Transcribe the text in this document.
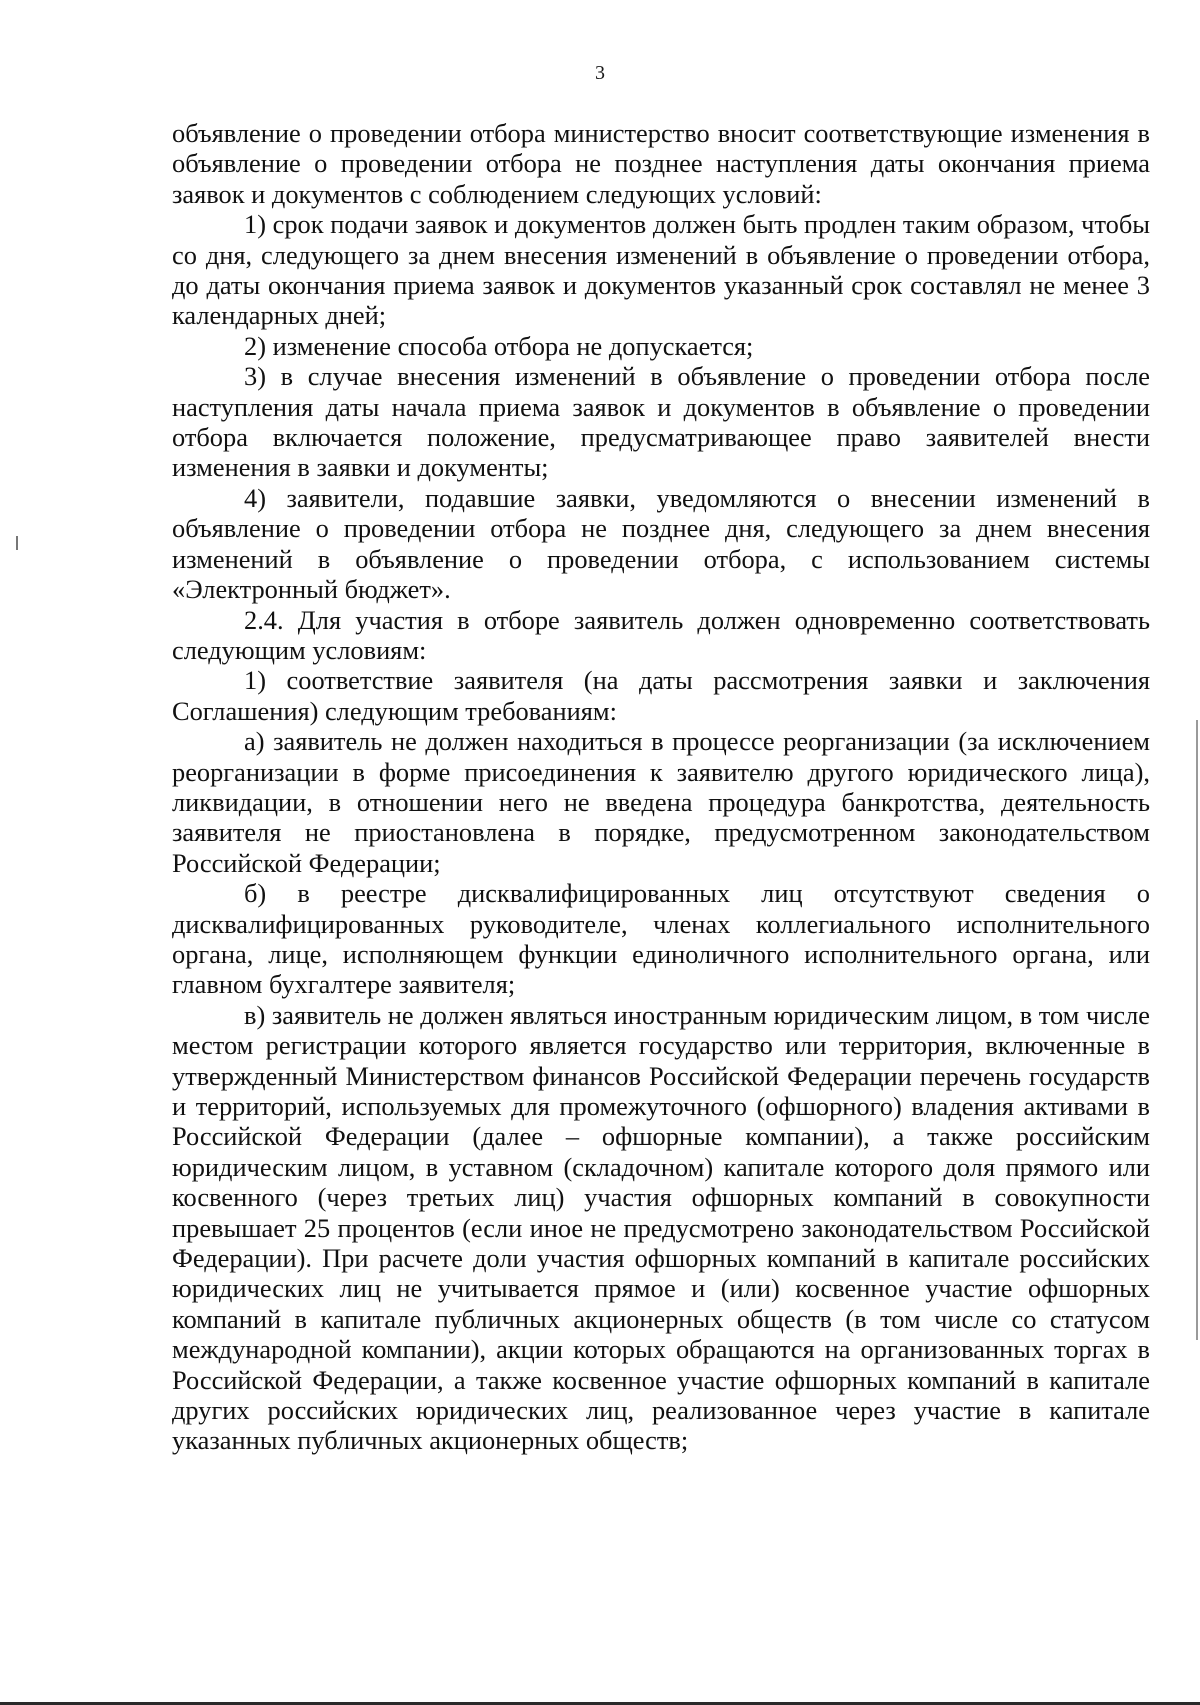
3

объявление о проведении отбора министерство вносит соответствующие изменения в объявление о проведении отбора не позднее наступления даты окончания приема заявок и документов с соблюдением следующих условий:

1) срок подачи заявок и документов должен быть продлен таким образом, чтобы со дня, следующего за днем внесения изменений в объявление о проведении отбора, до даты окончания приема заявок и документов указанный срок составлял не менее 3 календарных дней;

2) изменение способа отбора не допускается;

3) в случае внесения изменений в объявление о проведении отбора после наступления даты начала приема заявок и документов в объявление о проведении отбора включается положение, предусматривающее право заявителей внести изменения в заявки и документы;

4) заявители, подавшие заявки, уведомляются о внесении изменений в объявление о проведении отбора не позднее дня, следующего за днем внесения изменений в объявление о проведении отбора, с использованием системы «Электронный бюджет».

2.4. Для участия в отборе заявитель должен одновременно соответствовать следующим условиям:

1) соответствие заявителя (на даты рассмотрения заявки и заключения Соглашения) следующим требованиям:

а) заявитель не должен находиться в процессе реорганизации (за исключением реорганизации в форме присоединения к заявителю другого юридического лица), ликвидации, в отношении него не введена процедура банкротства, деятельность заявителя не приостановлена в порядке, предусмотренном законодательством Российской Федерации;

б) в реестре дисквалифицированных лиц отсутствуют сведения о дисквалифицированных руководителе, членах коллегиального исполнительного органа, лице, исполняющем функции единоличного исполнительного органа, или главном бухгалтере заявителя;

в) заявитель не должен являться иностранным юридическим лицом, в том числе местом регистрации которого является государство или территория, включенные в утвержденный Министерством финансов Российской Федерации перечень государств и территорий, используемых для промежуточного (офшорного) владения активами в Российской Федерации (далее – офшорные компании), а также российским юридическим лицом, в уставном (складочном) капитале которого доля прямого или косвенного (через третьих лиц) участия офшорных компаний в совокупности превышает 25 процентов (если иное не предусмотрено законодательством Российской Федерации). При расчете доли участия офшорных компаний в капитале российских юридических лиц не учитывается прямое и (или) косвенное участие офшорных компаний в капитале публичных акционерных обществ (в том числе со статусом международной компании), акции которых обращаются на организованных торгах в Российской Федерации, а также косвенное участие офшорных компаний в капитале других российских юридических лиц, реализованное через участие в капитале указанных публичных акционерных обществ;
